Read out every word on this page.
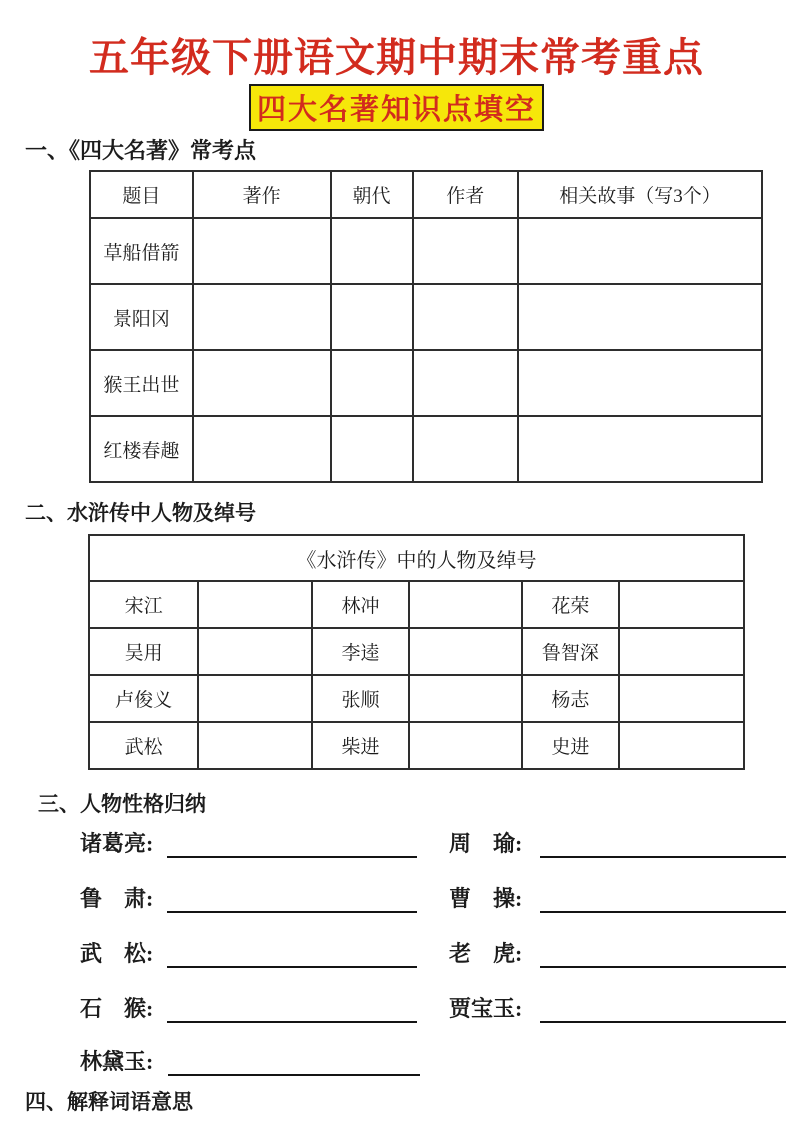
五年级下册语文期中期末常考重点
四大名著知识点填空
一、《四大名著》常考点
题目	著作	朝代	作者	相关故事（写3个）
草船借箭				
景阳冈				
猴王出世				
红楼春趣				
二、水浒传中人物及绰号
《水浒传》中的人物及绰号					
宋江		林冲		花荣	
吴用		李逵		鲁智深	
卢俊义		张顺		杨志	
武松		柴进		史进	
三、人物性格归纳
诸葛亮:	周　瑜:
鲁　肃:	曹　操:
武　松:	老　虎:
石　猴:	贾宝玉:
林黛玉:
四、解释词语意思
